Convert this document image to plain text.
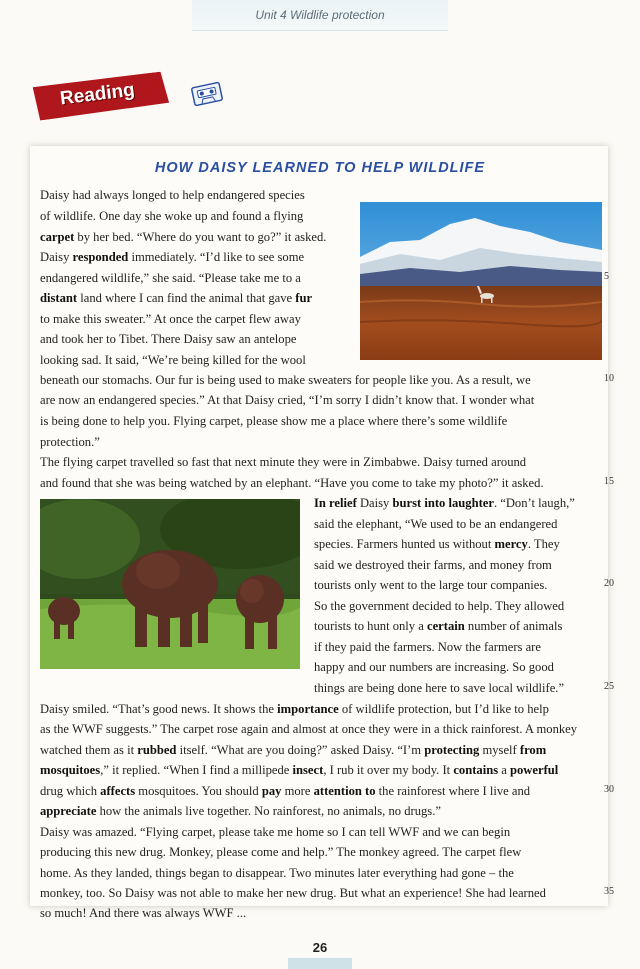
Unit 4 Wildlife protection
Reading
HOW DAISY LEARNED TO HELP WILDLIFE
Daisy had always longed to help endangered species
of wildlife. One day she woke up and found a flying
carpet by her bed. “Where do you want to go?” it asked.
Daisy responded immediately. “I’d like to see some
endangered wildlife,” she said. “Please take me to a
distant land where I can find the animal that gave fur
to make this sweater.” At once the carpet flew away
and took her to Tibet. There Daisy saw an antelope
looking sad. It said, “We’re being killed for the wool
beneath our stomachs. Our fur is being used to make sweaters for people like you. As a result, we
are now an endangered species.” At that Daisy cried, “I’m sorry I didn’t know that. I wonder what
is being done to help you. Flying carpet, please show me a place where there’s some wildlife
protection.”
The flying carpet travelled so fast that next minute they were in Zimbabwe. Daisy turned around
and found that she was being watched by an elephant. “Have you come to take my photo?” it asked.
In relief Daisy burst into laughter. “Don’t laugh,”
said the elephant, “We used to be an endangered
species. Farmers hunted us without mercy. They
said we destroyed their farms, and money from
tourists only went to the large tour companies.
So the government decided to help. They allowed
tourists to hunt only a certain number of animals
if they paid the farmers. Now the farmers are
happy and our numbers are increasing. So good
things are being done here to save local wildlife.”
Daisy smiled. “That’s good news. It shows the importance of wildlife protection, but I’d like to help
as the WWF suggests.” The carpet rose again and almost at once they were in a thick rainforest. A monkey
watched them as it rubbed itself. “What are you doing?” asked Daisy. “I’m protecting myself from
mosquitoes,” it replied. “When I find a millipede insect, I rub it over my body. It contains a powerful
drug which affects mosquitoes. You should pay more attention to the rainforest where I live and
appreciate how the animals live together. No rainforest, no animals, no drugs.”
Daisy was amazed. “Flying carpet, please take me home so I can tell WWF and we can begin
producing this new drug. Monkey, please come and help.” The monkey agreed. The carpet flew
home. As they landed, things began to disappear. Two minutes later everything had gone – the
monkey, too. So Daisy was not able to make her new drug. But what an experience! She had learned
so much! And there was always WWF ...
5
10
15
20
25
30
35
26
